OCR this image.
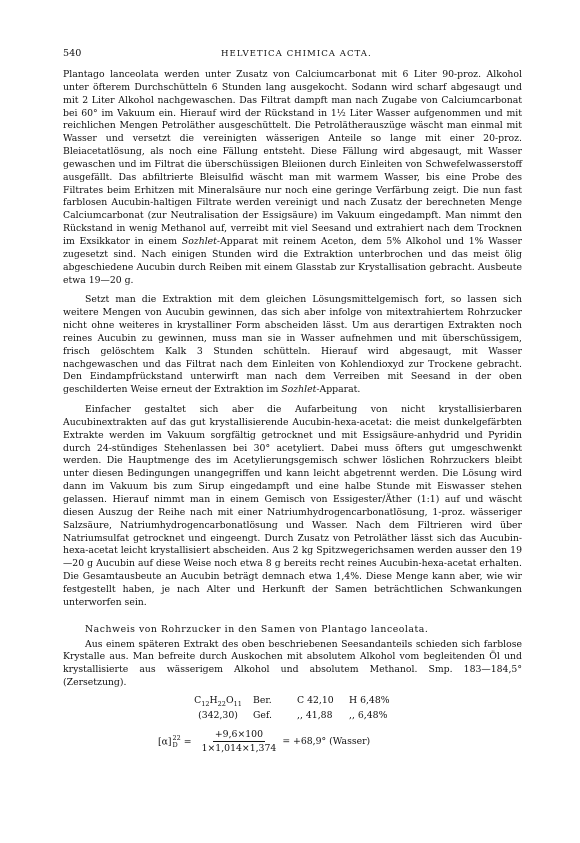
540	HELVETICA CHIMICA ACTA.

Plantago lanceolata werden unter Zusatz von Calciumcarbonat mit 6 Liter 90-proz. Alkohol unter öfterem Durchschütteln 6 Stunden lang ausgekocht. Sodann wird scharf abgesaugt und mit 2 Liter Alkohol nachgewaschen. Das Filtrat dampft man nach Zugabe von Calciumcarbonat bei 60° im Vakuum ein. Hierauf wird der Rückstand in 1½ Liter Wasser aufgenommen und mit reichlichen Mengen Petroläther ausgeschüttelt. Die Petrolätherauszüge wäscht man einmal mit Wasser und versetzt die vereinigten wässerigen Anteile so lange mit einer 20-proz. Bleiacetatlösung, als noch eine Fällung entsteht. Diese Fällung wird abgesaugt, mit Wasser gewaschen und im Filtrat die überschüssigen Bleiionen durch Einleiten von Schwefelwasserstoff ausgefällt. Das abfiltrierte Bleisulfid wäscht man mit warmem Wasser, bis eine Probe des Filtrates beim Erhitzen mit Mineralsäure nur noch eine geringe Verfärbung zeigt. Die nun fast farblosen Aucubin-haltigen Filtrate werden vereinigt und nach Zusatz der berechneten Menge Calciumcarbonat (zur Neutralisation der Essigsäure) im Vakuum eingedampft. Man nimmt den Rückstand in wenig Methanol auf, verreibt mit viel Seesand und extrahiert nach dem Trocknen im Exsikkator in einem Sozhlet-Apparat mit reinem Aceton, dem 5% Alkohol und 1% Wasser zugesetzt sind. Nach einigen Stunden wird die Extraktion unterbrochen und das meist ölig abgeschiedene Aucubin durch Reiben mit einem Glasstab zur Krystallisation gebracht. Ausbeute etwa 19—20 g.

Setzt man die Extraktion mit dem gleichen Lösungsmittelgemisch fort, so lassen sich weitere Mengen von Aucubin gewinnen, das sich aber infolge von mitextrahiertem Rohrzucker nicht ohne weiteres in krystalliner Form abscheiden lässt. Um aus derartigen Extrakten noch reines Aucubin zu gewinnen, muss man sie in Wasser aufnehmen und mit überschüssigem, frisch gelöschtem Kalk 3 Stunden schütteln. Hierauf wird abgesaugt, mit Wasser nachgewaschen und das Filtrat nach dem Einleiten von Kohlendioxyd zur Trockene gebracht. Den Eindampfrückstand unterwirft man nach dem Verreiben mit Seesand in der oben geschilderten Weise erneut der Extraktion im Sozhlet-Apparat.

Einfacher gestaltet sich aber die Aufarbeitung von nicht krystallisierbaren Aucubinextrakten auf das gut krystallisierende Aucubin-hexa-acetat: die meist dunkelgefärbten Extrakte werden im Vakuum sorgfältig getrocknet und mit Essigsäure-anhydrid und Pyridin durch 24-stündiges Stehenlassen bei 30° acetyliert. Dabei muss öfters gut umgeschwenkt werden. Die Hauptmenge des im Acetylierungsgemisch schwer löslichen Rohrzuckers bleibt unter diesen Bedingungen unangegriffen und kann leicht abgetrennt werden. Die Lösung wird dann im Vakuum bis zum Sirup eingedampft und eine halbe Stunde mit Eiswasser stehen gelassen. Hierauf nimmt man in einem Gemisch von Essigester/Äther (1:1) auf und wäscht diesen Auszug der Reihe nach mit einer Natriumhydrogencarbonatlösung, 1-proz. wässeriger Salzsäure, Natriumhydrogencarbonatlösung und Wasser. Nach dem Filtrieren wird über Natriumsulfat getrocknet und eingeengt. Durch Zusatz von Petroläther lässt sich das Aucubin-hexa-acetat leicht krystallisiert abscheiden. Aus 2 kg Spitzwegerichsamen werden ausser den 19—20 g Aucubin auf diese Weise noch etwa 8 g bereits recht reines Aucubin-hexa-acetat erhalten. Die Gesamtausbeute an Aucubin beträgt demnach etwa 1,4%. Diese Menge kann aber, wie wir festgestellt haben, je nach Alter und Herkunft der Samen beträchtlichen Schwankungen unterworfen sein.

Nachweis von Rohrzucker in den Samen von Plantago lanceolata.

Aus einem späteren Extrakt des oben beschriebenen Seesandanteils schieden sich farblose Krystalle aus. Man befreite durch Auskochen mit absolutem Alkohol vom begleitenden Öl und krystallisierte aus wässerigem Alkohol und absolutem Methanol. Smp. 183—184,5° (Zersetzung).

$C_{12}H_{22}O_{11}$	Ber.	C 42,10	H 6,48%
(342,30)	Gef.	,, 41,88	,, 6,48%
[α] 22
$D = \frac{+9,6\times 100}{1\times 1,014\times 1,374} = +68,9^\circ$ (Wasser)
